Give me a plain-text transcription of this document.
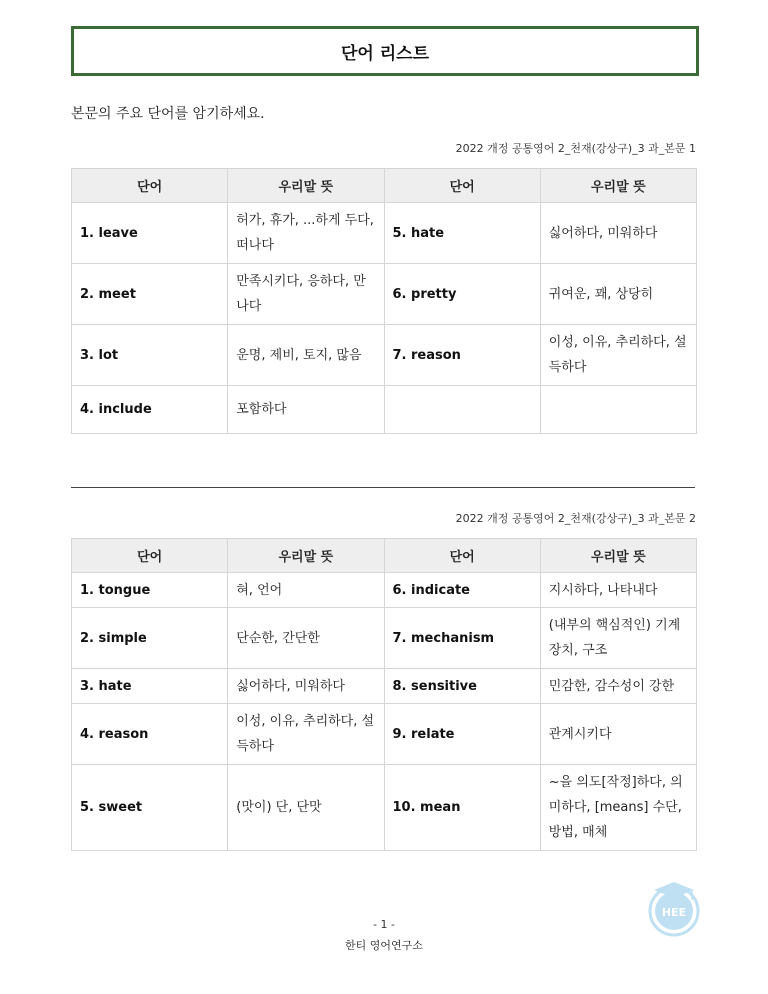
단어 리스트
본문의 주요 단어를 암기하세요.
2022 개정 공통영어 2_천재(강상구)_3 과_본문 1
단어	우리말 뜻	단어	우리말 뜻
1. leave	허가, 휴가, ...하게 두다, 떠나다	5. hate	싫어하다, 미워하다
2. meet	만족시키다, 응하다, 만나다	6. pretty	귀여운, 꽤, 상당히
3. lot	운명, 제비, 토지, 많음	7. reason	이성, 이유, 추리하다, 설득하다
4. include	포함하다		
2022 개정 공통영어 2_천재(강상구)_3 과_본문 2
단어	우리말 뜻	단어	우리말 뜻
1. tongue	혀, 언어	6. indicate	지시하다, 나타내다
2. simple	단순한, 간단한	7. mechanism	(내부의 핵심적인) 기계장치, 구조
3. hate	싫어하다, 미워하다	8. sensitive	민감한, 감수성이 강한
4. reason	이성, 이유, 추리하다, 설득하다	9. relate	관계시키다
5. sweet	(맛이) 단, 단맛	10. mean	~을 의도[작정]하다, 의미하다, [means] 수단, 방법, 매체
- 1 -
한티 영어연구소
HEE
